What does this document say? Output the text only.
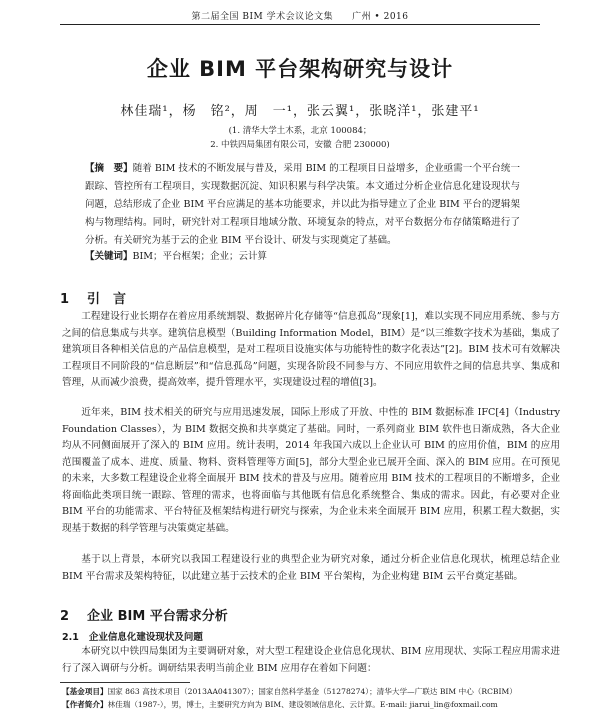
第二届全国 BIM 学术会议论文集　　广州 • 2016
企业 BIM 平台架构研究与设计
林佳瑞¹，杨　铭²，周　一¹，张云翼¹，张晓洋¹，张建平¹
(1. 清华大学土木系，北京 100084；
2. 中铁四局集团有限公司，安徽 合肥 230000)
【摘　要】随着 BIM 技术的不断发展与普及，采用 BIM 的工程项目日益增多，企业亟需一个平台统一跟踪、管控所有工程项目，实现数据沉淀、知识积累与科学决策。本文通过分析企业信息化建设现状与问题，总结形成了企业 BIM 平台应满足的基本功能要求，并以此为指导建立了企业 BIM 平台的逻辑架构与物理结构。同时，研究针对工程项目地域分散、环境复杂的特点，对平台数据分布存储策略进行了分析。有关研究为基于云的企业 BIM 平台设计、研发与实现奠定了基础。
【关键词】BIM；平台框架；企业；云计算
1 引　言
工程建设行业长期存在着应用系统割裂、数据碎片化存储等“信息孤岛”现象[1]，难以实现不同应用系统、参与方之间的信息集成与共享。建筑信息模型（Building Information Model，BIM）是“以三维数字技术为基础，集成了建筑项目各种相关信息的产品信息模型，是对工程项目设施实体与功能特性的数字化表达”[2]。BIM 技术可有效解决工程项目不同阶段的“信息断层”和“信息孤岛”问题，实现各阶段不同参与方、不同应用软件之间的信息共享、集成和管理，从而减少浪费，提高效率，提升管理水平，实现建设过程的增值[3]。
近年来，BIM 技术相关的研究与应用迅速发展，国际上形成了开放、中性的 BIM 数据标准 IFC[4]（Industry Foundation Classes），为 BIM 数据交换和共享奠定了基础。同时，一系列商业 BIM 软件也日渐成熟，各大企业均从不同侧面展开了深入的 BIM 应用。统计表明，2014 年我国六成以上企业认可 BIM 的应用价值，BIM 的应用范围覆盖了成本、进度、质量、物料、资料管理等方面[5]，部分大型企业已展开全面、深入的 BIM 应用。在可预见的未来，大多数工程建设企业将全面展开 BIM 技术的普及与应用。随着应用 BIM 技术的工程项目的不断增多，企业将面临此类项目统一跟踪、管理的需求，也将面临与其他既有信息化系统整合、集成的需求。因此，有必要对企业 BIM 平台的功能需求、平台特征及框架结构进行研究与探索，为企业未来全面展开 BIM 应用，积累工程大数据，实现基于数据的科学管理与决策奠定基础。
基于以上背景，本研究以我国工程建设行业的典型企业为研究对象，通过分析企业信息化现状，梳理总结企业 BIM 平台需求及架构特征，以此建立基于云技术的企业 BIM 平台架构，为企业构建 BIM 云平台奠定基础。
2 企业 BIM 平台需求分析
2.1 企业信息化建设现状及问题
本研究以中铁四局集团为主要调研对象，对大型工程建设企业信息化现状、BIM 应用现状、实际工程应用需求进行了深入调研与分析。调研结果表明当前企业 BIM 应用存在着如下问题：
【基金项目】国家 863 高技术项目（2013AA041307）；国家自然科学基金（51278274）；清华大学—广联达 BIM 中心（RCBIM）
【作者简介】林佳瑞（1987-），男，博士，主要研究方向为 BIM、建设领域信息化、云计算。E-mail: jiarui_lin@foxmail.com
